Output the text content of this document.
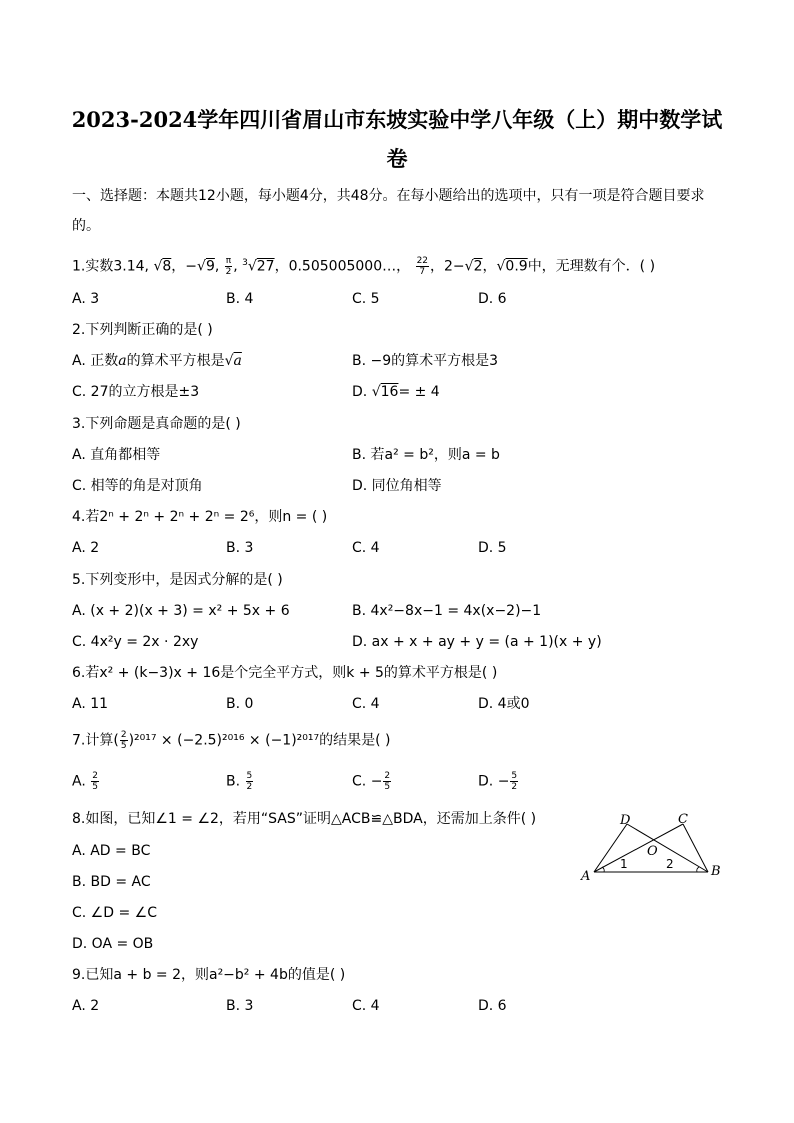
2023-2024学年四川省眉山市东坡实验中学八年级（上）期中数学试
卷
一、选择题：本题共12小题，每小题4分，共48分。在每小题给出的选项中，只有一项是符合题目要求的。
1.实数3.14, √8，−√9, $\frac{\pi}{2}$ , $^3$√27，0.505005000…， $\frac{22}{7}$ ，2−√2，√0.9中，无理数有个．( )
A. 3	B. 4	C. 5	D. 6
2.下列判断正确的是( )
A. 正数a的算术平方根是√a	B. −9的算术平方根是3
C. 27的立方根是±3	D. √16= ± 4
3.下列命题是真命题的是( )
A. 直角都相等	B. 若a² = b²，则a = b
C. 相等的角是对顶角	D. 同位角相等
4.若2ⁿ + 2ⁿ + 2ⁿ + 2ⁿ = 2⁶，则n = ( )
A. 2	B. 3	C. 4	D. 5
5.下列变形中，是因式分解的是( )
A. (x + 2)(x + 3) = x² + 5x + 6	B. 4x²−8x−1 = 4x(x−2)−1
C. 4x²y = 2x · 2xy	D. ax + x + ay + y = (a + 1)(x + y)
6.若x² + (k−3)x + 16是个完全平方式，则k + 5的算术平方根是( )
A. 11	B. 0	C. 4	D. 4或0
7.计算( $\frac{2}{5} )^{2017} \times (-2.5)^{2016} \times (-1)^{2017}$的结果是( )
A. $\frac{2}{5}$	B. $\frac{5}{2}$	C. − $\frac{2}{5}$	D. − $\frac{5}{2}$
8.如图，已知∠1 = ∠2，若用“SAS”证明△ACB≌△BDA，还需加上条件( )
A. AD = BC
B. BD = AC
C. ∠D = ∠C
D. OA = OB
A	B
C
D
O
1	2
9.已知a + b = 2，则a²−b² + 4b的值是( )
A. 2	B. 3	C. 4	D. 6
